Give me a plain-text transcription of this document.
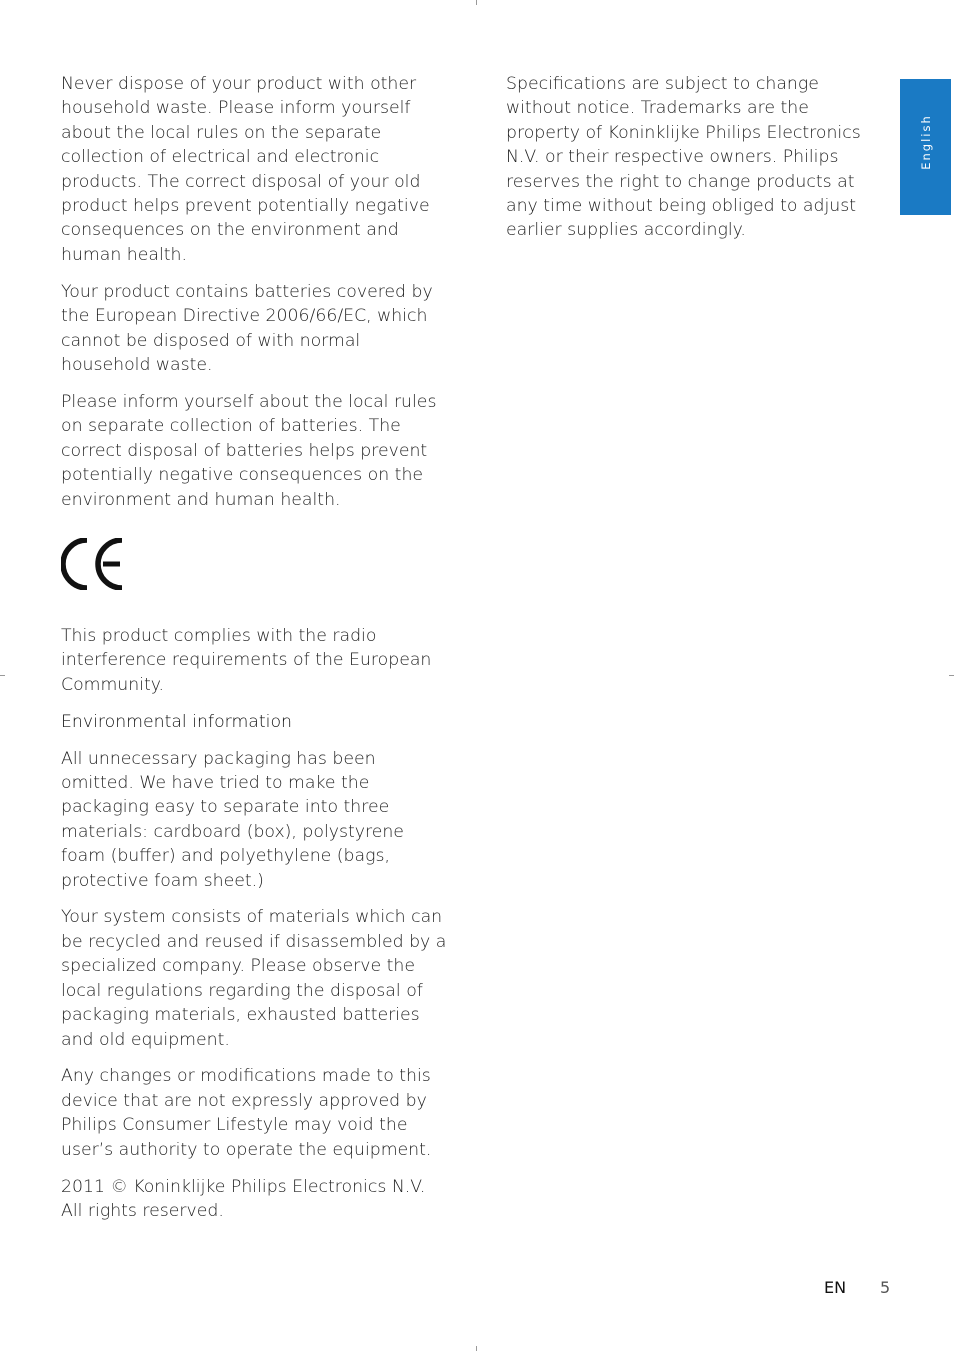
Never dispose of your product with other household waste. Please inform yourself about the local rules on the separate collection of electrical and electronic products. The correct disposal of your old product helps prevent potentially negative consequences on the environment and human health.

Your product contains batteries covered by the European Directive 2006/66/EC, which cannot be disposed of with normal household waste.

Please inform yourself about the local rules on separate collection of batteries. The correct disposal of batteries helps prevent potentially negative consequences on the environment and human health.

This product complies with the radio interference requirements of the European Community.

Environmental information

All unnecessary packaging has been omitted. We have tried to make the packaging easy to separate into three materials: cardboard (box), polystyrene foam (buffer) and polyethylene (bags, protective foam sheet.)

Your system consists of materials which can be recycled and reused if disassembled by a specialized company. Please observe the local regulations regarding the disposal of packaging materials, exhausted batteries and old equipment.

Any changes or modifications made to this device that are not expressly approved by Philips Consumer Lifestyle may void the user’s authority to operate the equipment.

2011 © Koninklijke Philips Electronics N.V. All rights reserved.

Specifications are subject to change without notice. Trademarks are the property of Koninklijke Philips Electronics N.V. or their respective owners. Philips reserves the right to change products at any time without being obliged to adjust earlier supplies accordingly.

English
EN 5
